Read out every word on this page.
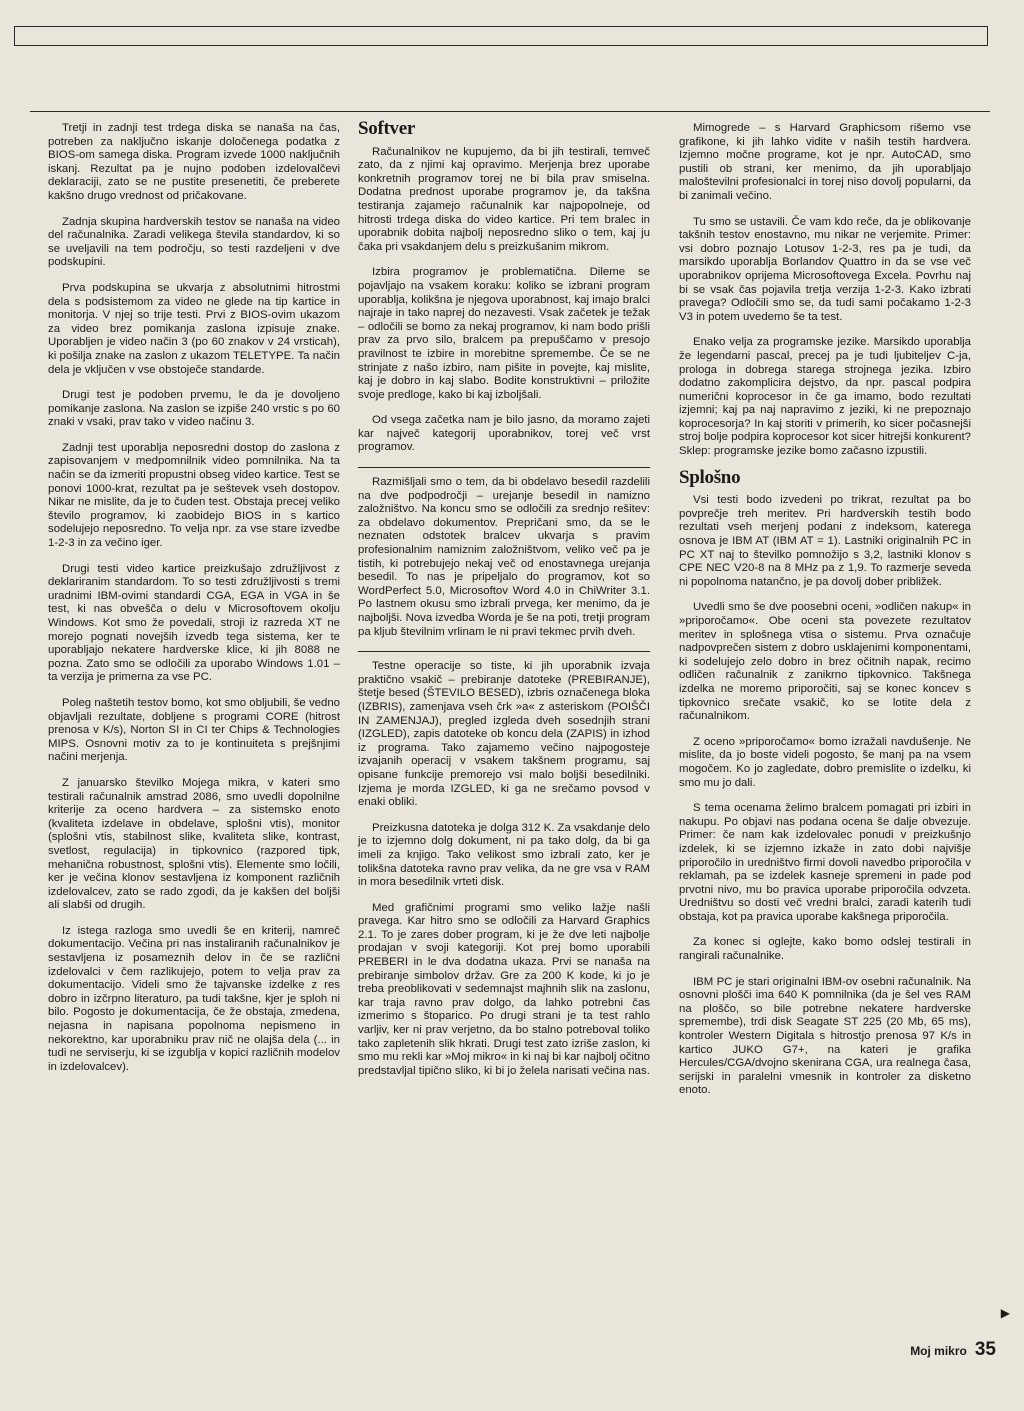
Tretji in zadnji test trdega diska se nanaša na čas, potreben za naključno iskanje določenega podatka z BIOS-om samega diska. Program izvede 1000 naključnih iskanj. Rezultat pa je nujno podoben izdelovalčevi deklaraciji, zato se ne pustite presenetiti, če preberete kakšno drugo vrednost od pričakovane.

Zadnja skupina hardverskih testov se nanaša na video del računalnika. Zaradi velikega števila standardov, ki so se uveljavili na tem področju, so testi razdeljeni v dve podskupini.

Prva podskupina se ukvarja z absolutnimi hitrostmi dela s podsistemom za video ne glede na tip kartice in monitorja. V njej so trije testi. Prvi z BIOS-ovim ukazom za video brez pomikanja zaslona izpisuje znake. Uporabljen je video način 3 (po 60 znakov v 24 vrsticah), ki pošilja znake na zaslon z ukazom TELETYPE. Ta način dela je vključen v vse obstoječe standarde.

Drugi test je podoben prvemu, le da je dovoljeno pomikanje zaslona. Na zaslon se izpiše 240 vrstic s po 60 znaki v vsaki, prav tako v video načinu 3.

Zadnji test uporablja neposredni dostop do zaslona z zapisovanjem v medpomnilnik video pomnilnika. Na ta način se da izmeriti propustni obseg video kartice. Test se ponovi 1000-krat, rezultat pa je seštevek vseh dostopov. Nikar ne mislite, da je to čuden test. Obstaja precej veliko število programov, ki zaobidejo BIOS in s kartico sodelujejo neposredno. To velja npr. za vse stare izvedbe 1-2-3 in za večino iger.

Drugi testi video kartice preizkušajo združljivost z deklariranim standardom. To so testi združljivosti s tremi uradnimi IBM-ovimi standardi CGA, EGA in VGA in še test, ki nas obvešča o delu v Microsoftovem okolju Windows. Kot smo že povedali, stroji iz razreda XT ne morejo pognati novejših izvedb tega sistema, ker te uporabljajo nekatere hardverske klice, ki jih 8088 ne pozna. Zato smo se odločili za uporabo Windows 1.01 – ta verzija je primerna za vse PC.

Poleg naštetih testov bomo, kot smo obljubili, še vedno objavljali rezultate, dobljene s programi CORE (hitrost prenosa v K/s), Norton SI in CI ter Chips & Technologies MIPS. Osnovni motiv za to je kontinuiteta s prejšnjimi načini merjenja.

Z januarsko številko Mojega mikra, v kateri smo testirali računalnik amstrad 2086, smo uvedli dopolnilne kriterije za oceno hardvera – za sistemsko enoto (kvaliteta izdelave in obdelave, splošni vtis), monitor (splošni vtis, stabilnost slike, kvaliteta slike, kontrast, svetlost, regulacija) in tipkovnico (razpored tipk, mehanična robustnost, splošni vtis). Elemente smo ločili, ker je večina klonov sestavljena iz komponent različnih izdelovalcev, zato se rado zgodi, da je kakšen del boljši ali slabši od drugih.

Iz istega razloga smo uvedli še en kriterij, namreč dokumentacijo. Večina pri nas instaliranih računalnikov je sestavljena iz posameznih delov in če se različni izdelovalci v čem razlikujejo, potem to velja prav za dokumentacijo. Videli smo že tajvanske izdelke z res dobro in izčrpno literaturo, pa tudi takšne, kjer je sploh ni bilo. Pogosto je dokumentacija, če že obstaja, zmedena, nejasna in napisana popolnoma nepismeno in nekorektno, kar uporabniku prav nič ne olajša dela (... in tudi ne serviserju, ki se izgublja v kopici različnih modelov in izdelovalcev).

Softver

Računalnikov ne kupujemo, da bi jih testirali, temveč zato, da z njimi kaj opravimo. Merjenja brez uporabe konkretnih programov torej ne bi bila prav smiselna. Dodatna prednost uporabe programov je, da takšna testiranja zajamejo računalnik kar najpopolneje, od hitrosti trdega diska do video kartice. Pri tem bralec in uporabnik dobita najbolj neposredno sliko o tem, kaj ju čaka pri vsakdanjem delu s preizkušanim mikrom.

Izbira programov je problematična. Dileme se pojavljajo na vsakem koraku: koliko se izbrani program uporablja, kolikšna je njegova uporabnost, kaj imajo bralci najraje in tako naprej do nezavesti. Vsak začetek je težak – odločili se bomo za nekaj programov, ki nam bodo prišli prav za prvo silo, bralcem pa prepuščamo v presojo pravilnost te izbire in morebitne spremembe. Če se ne strinjate z našo izbiro, nam pišite in povejte, kaj mislite, kaj je dobro in kaj slabo. Bodite konstruktivni – priložite svoje predloge, kako bi kaj izboljšali.

Od vsega začetka nam je bilo jasno, da moramo zajeti kar največ kategorij uporabnikov, torej več vrst programov.

Razmišljali smo o tem, da bi obdelavo besedil razdelili na dve podpodročji – urejanje besedil in namizno založništvo. Na koncu smo se odločili za srednjo rešitev: za obdelavo dokumentov. Prepričani smo, da se le neznaten odstotek bralcev ukvarja s pravim profesionalnim namiznim založništvom, veliko več pa je tistih, ki potrebujejo nekaj več od enostavnega urejanja besedil. To nas je pripeljalo do programov, kot so WordPerfect 5.0, Microsoftov Word 4.0 in ChiWriter 3.1. Po lastnem okusu smo izbrali prvega, ker menimo, da je najboljši. Nova izvedba Worda je še na poti, tretji program pa kljub številnim vrlinam le ni pravi tekmec prvih dveh.

Testne operacije so tiste, ki jih uporabnik izvaja praktično vsakič – prebiranje datoteke (PREBIRANJE), štetje besed (ŠTEVILO BESED), izbris označenega bloka (IZBRIS), zamenjava vseh črk »a« z asteriskom (POIŠČI IN ZAMENJAJ), pregled izgleda dveh sosednjih strani (IZGLED), zapis datoteke ob koncu dela (ZAPIS) in izhod iz programa. Tako zajamemo večino najpogosteje izvajanih operacij v vsakem takšnem programu, saj opisane funkcije premorejo vsi malo boljši besedilniki. Izjema je morda IZGLED, ki ga ne srečamo povsod v enaki obliki.

Preizkusna datoteka je dolga 312 K. Za vsakdanje delo je to izjemno dolg dokument, ni pa tako dolg, da bi ga imeli za knjigo. Tako velikost smo izbrali zato, ker je tolikšna datoteka ravno prav velika, da ne gre vsa v RAM in mora besedilnik vrteti disk.

Med grafičnimi programi smo veliko lažje našli pravega. Kar hitro smo se odločili za Harvard Graphics 2.1. To je zares dober program, ki je že dve leti najbolje prodajan v svoji kategoriji. Kot prej bomo uporabili PREBERI in le dva dodatna ukaza. Prvi se nanaša na prebiranje simbolov držav. Gre za 200 K kode, ki jo je treba preoblikovati v sedemnajst majhnih slik na zaslonu, kar traja ravno prav dolgo, da lahko potrebni čas izmerimo s štoparico. Po drugi strani je ta test rahlo varljiv, ker ni prav verjetno, da bo stalno potreboval toliko tako zapletenih slik hkrati. Drugi test zato izriše zaslon, ki smo mu rekli kar »Moj mikro« in ki naj bi kar najbolj očitno predstavljal tipično sliko, ki bi jo želela narisati večina nas.

Mimogrede – s Harvard Graphicsom rišemo vse grafikone, ki jih lahko vidite v naših testih hardvera. Izjemno močne programe, kot je npr. AutoCAD, smo pustili ob strani, ker menimo, da jih uporabljajo maloštevilni profesionalci in torej niso dovolj popularni, da bi zanimali večino.

Tu smo se ustavili. Če vam kdo reče, da je oblikovanje takšnih testov enostavno, mu nikar ne verjemite. Primer: vsi dobro poznajo Lotusov 1-2-3, res pa je tudi, da marsikdo uporablja Borlandov Quattro in da se vse več uporabnikov oprijema Microsoftovega Excela. Povrhu naj bi se vsak čas pojavila tretja verzija 1-2-3. Kako izbrati pravega? Odločili smo se, da tudi sami počakamo 1-2-3 V3 in potem uvedemo še ta test.

Enako velja za programske jezike. Marsikdo uporablja že legendarni pascal, precej pa je tudi ljubiteljev C-ja, prologa in dobrega starega strojnega jezika. Izbiro dodatno zakomplicira dejstvo, da npr. pascal podpira numerični koprocesor in če ga imamo, bodo rezultati izjemni; kaj pa naj napravimo z jeziki, ki ne prepoznajo koprocesorja? In kaj storiti v primerih, ko sicer počasnejši stroj bolje podpira koprocesor kot sicer hitrejši konkurent? Sklep: programske jezike bomo začasno izpustili.

Splošno

Vsi testi bodo izvedeni po trikrat, rezultat pa bo povprečje treh meritev. Pri hardverskih testih bodo rezultati vseh merjenj podani z indeksom, katerega osnova je IBM AT (IBM AT = 1). Lastniki originalnih PC in PC XT naj to številko pomnožijo s 3,2, lastniki klonov s CPE NEC V20-8 na 8 MHz pa z 1,9. To razmerje seveda ni popolnoma natančno, je pa dovolj dober približek.

Uvedli smo še dve poosebni oceni, »odličen nakup« in »priporočamo«. Obe oceni sta povezete rezultatov meritev in splošnega vtisa o sistemu. Prva označuje nadpovprečen sistem z dobro usklajenimi komponentami, ki sodelujejo zelo dobro in brez očitnih napak, recimo odličen računalnik z zanikrno tipkovnico. Takšnega izdelka ne moremo priporočiti, saj se konec koncev s tipkovnico srečate vsakič, ko se lotite dela z računalnikom.

Z oceno »priporočamo« bomo izražali navdušenje. Ne mislite, da jo boste videli pogosto, še manj pa na vsem mogočem. Ko jo zagledate, dobro premislite o izdelku, ki smo mu jo dali.

S tema ocenama želimo bralcem pomagati pri izbiri in nakupu. Po objavi nas podana ocena še dalje obvezuje. Primer: če nam kak izdelovalec ponudi v preizkušnjo izdelek, ki se izjemno izkaže in zato dobi najvišje priporočilo in uredništvo firmi dovoli navedbo priporočila v reklamah, pa se izdelek kasneje spremeni in pade pod prvotni nivo, mu bo pravica uporabe priporočila odvzeta. Uredništvu so dosti več vredni bralci, zaradi katerih tudi obstaja, kot pa pravica uporabe kakšnega priporočila.

Za konec si oglejte, kako bomo odslej testirali in rangirali računalnike.

IBM PC je stari originalni IBM-ov osebni računalnik. Na osnovni plošči ima 640 K pomnilnika (da je šel ves RAM na ploščo, so bile potrebne nekatere hardverske spremembe), trdi disk Seagate ST 225 (20 Mb, 65 ms), kontroler Western Digitala s hitrostjo prenosa 97 K/s in kartico JUKO G7+, na kateri je grafika Hercules/CGA/dvojno skenirana CGA, ura realnega časa, serijski in paralelni vmesnik in kontroler za disketno enoto.

▶
Moj mikro 35
